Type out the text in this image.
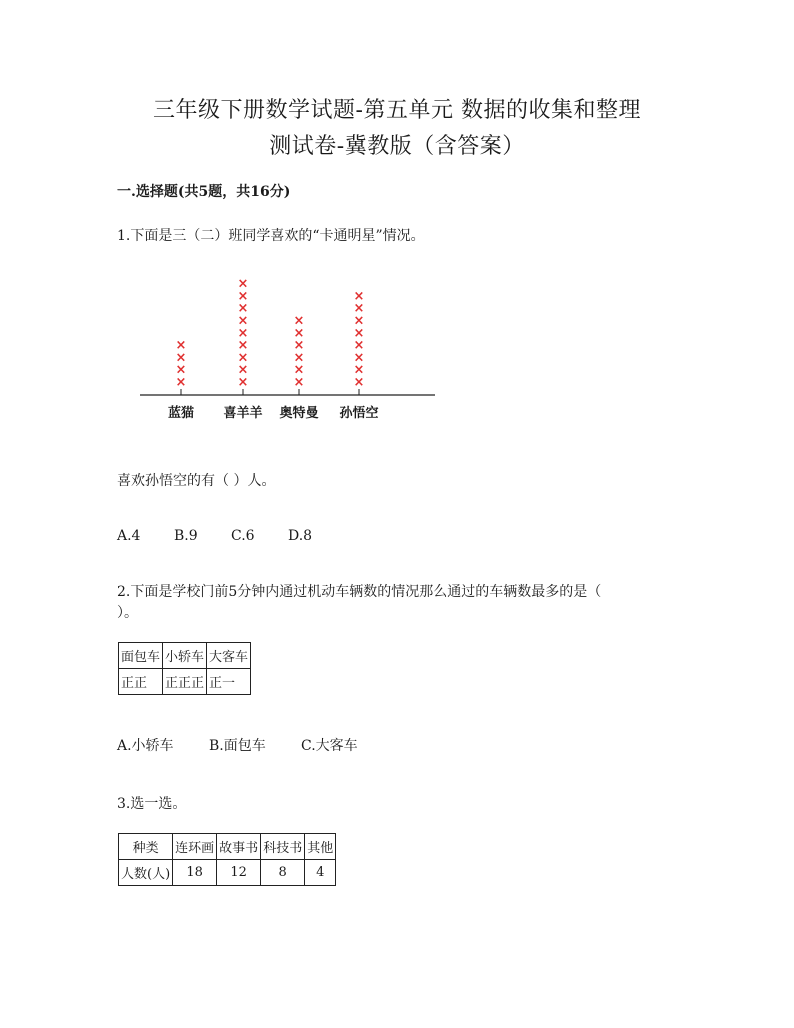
三年级下册数学试题-第五单元 数据的收集和整理
测试卷-冀教版（含答案）
一.选择题(共5题，共16分)
1.下面是三（二）班同学喜欢的“卡通明星”情况。
×
×
×
×
×
×
×
×
×
×
×
×
×
×
×
×
×
×
×
×
×
×
×
×
×
×
×
蓝猫 喜羊羊 奥特曼 孙悟空
喜欢孙悟空的有（ ）人。
A.4 B.9 C.6 D.8
2.下面是学校门前5分钟内通过机动车辆数的情况那么通过的车辆数最多的是（
）。
面包车	小轿车	大客车
正正	正正正	正一
A.小轿车	B.面包车	C.大客车
3.选一选。
种类	连环画	故事书	科技书	其他
人数(人)	18	12	8	4
